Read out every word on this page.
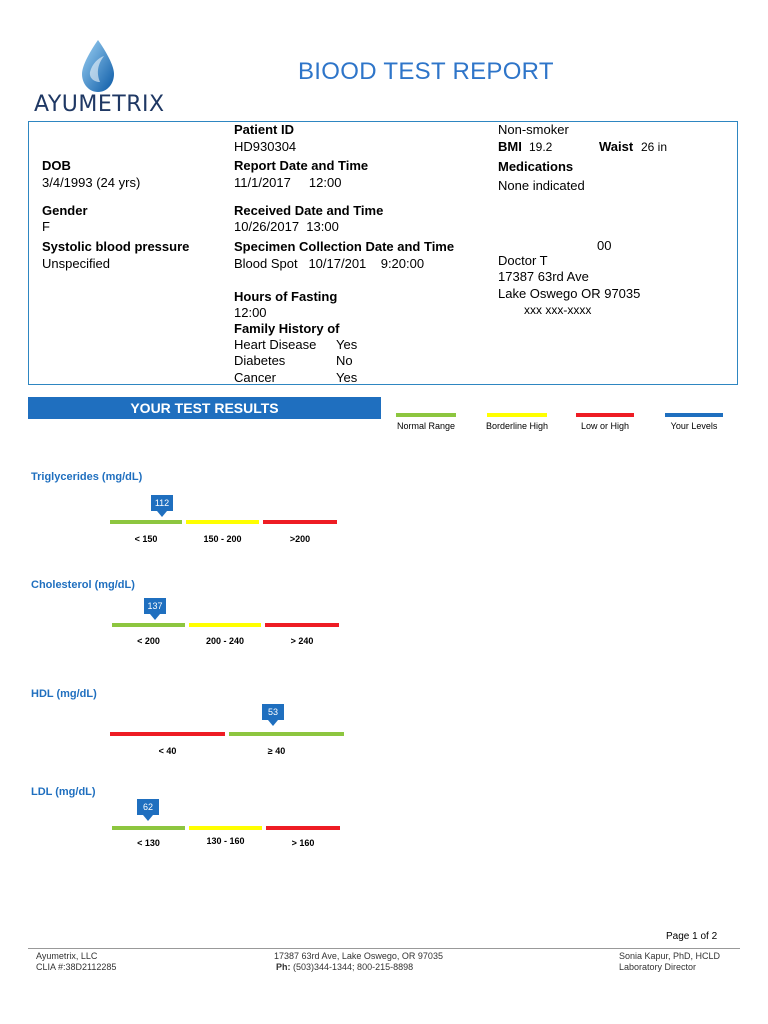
AYUMETRIX
BIOOD TEST REPORT
DOB
3/4/1993 (24 yrs)
Gender
F
Systolic blood pressure
Unspecified
Patient ID
HD930304
Report Date and Time
11/1/2017     12:00
Received Date and Time
10/26/2017  13:00
Specimen Collection Date and Time
Blood Spot   10/17/201    9:20:00
Hours of Fasting
12:00
Family History of
Heart Disease Yes
Diabetes	No
Cancer	Yes
Non-smoker
BMI 19.2	Waist 26 in
Medications
None indicated
00
Doctor T
17387 63rd Ave
Lake Oswego OR 97035
xxx xxx-xxxx
YOUR TEST RESULTS
Normal Range	Borderline High	Low or High	Your Levels
Triglycerides (mg/dL)
112
< 150	150 - 200	>200
Cholesterol (mg/dL)
137
< 200	200 - 240	> 240
HDL (mg/dL)
53
< 40	≥ 40
LDL (mg/dL)
62
< 130	130 - 160	> 160
Page 1 of 2
Ayumetrix, LLC
CLIA #:38D2112285
17387 63rd Ave, Lake Oswego, OR 97035
Ph: (503)344-1344; 800-215-8898
Sonia Kapur, PhD, HCLD
Laboratory Director
